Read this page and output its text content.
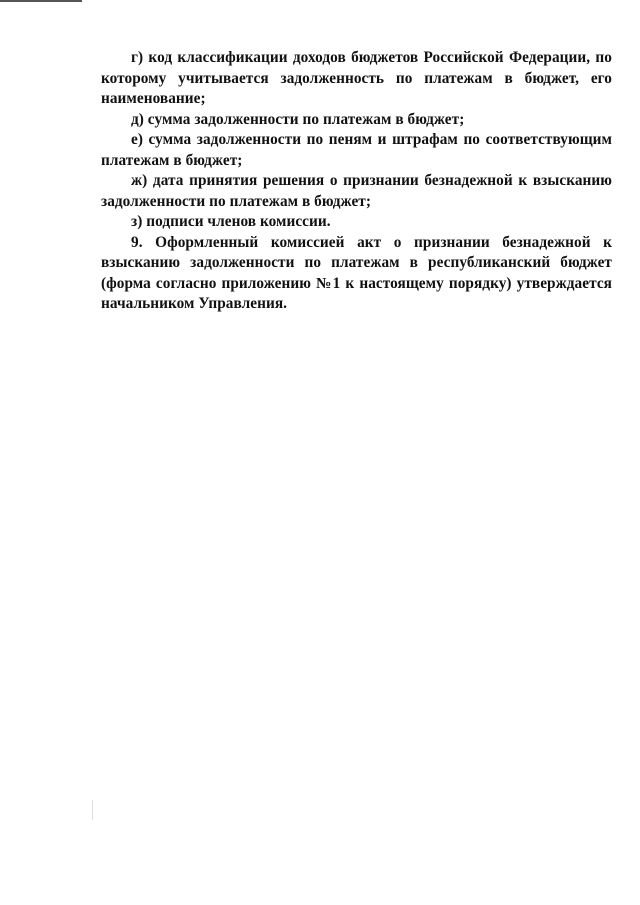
г) код классификации доходов бюджетов Российской Федерации, по которому учитывается задолженность по платежам в бюджет, его наименование;

д) сумма задолженности по платежам в бюджет;

е) сумма задолженности по пеням и штрафам по соответствующим платежам в бюджет;

ж) дата принятия решения о признании безнадежной к взысканию задолженности по платежам в бюджет;

з) подписи членов комиссии.

9. Оформленный комиссией акт о признании безнадежной к взысканию задолженности по платежам в республиканский бюджет (форма согласно приложению №1 к настоящему порядку) утверждается начальником Управления.
